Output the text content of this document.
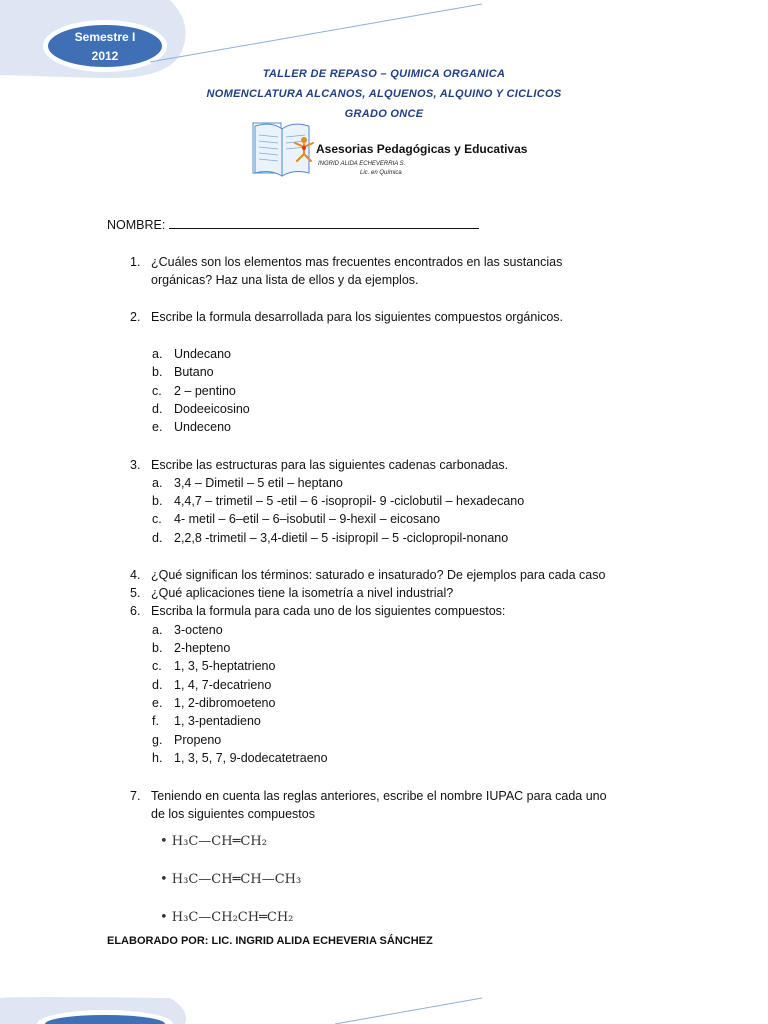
Semestre I
2012
TALLER DE REPASO – QUIMICA ORGANICA
NOMENCLATURA ALCANOS, ALQUENOS, ALQUINO Y CICLICOS
GRADO ONCE
Asesorias Pedagógicas y Educativas
INGRID ALIDA ECHEVERRIA S.
Lic. en Química
NOMBRE:
1. ¿Cuáles son los elementos mas frecuentes encontrados en las sustancias
orgánicas? Haz una lista de ellos y da ejemplos.
2. Escribe la formula desarrollada para los siguientes compuestos orgánicos.
a. Undecano
b. Butano
c. 2 – pentino
d. Dodeeicosino
e. Undeceno
3. Escribe las estructuras para las siguientes cadenas carbonadas.
a. 3,4 – Dimetil – 5 etil – heptano
b. 4,4,7 – trimetil – 5 -etil – 6 -isopropil- 9 -ciclobutil – hexadecano
c. 4- metil – 6–etil – 6–isobutil – 9-hexil – eicosano
d. 2,2,8 -trimetil – 3,4-dietil – 5 -isipropil – 5 -ciclopropil-nonano
4. ¿Qué significan los términos: saturado e insaturado? De ejemplos para cada caso
5. ¿Qué aplicaciones tiene la isometría a nivel industrial?
6. Escriba la formula para cada uno de los siguientes compuestos:
a. 3-octeno
b. 2-hepteno
c. 1, 3, 5-heptatrieno
d. 1, 4, 7-decatrieno
e. 1, 2-dibromoeteno
f. 1, 3-pentadieno
g. Propeno
h. 1, 3, 5, 7, 9-dodecatetraeno
7. Teniendo en cuenta las reglas anteriores, escribe el nombre IUPAC para cada uno
de los siguientes compuestos
• H₃C—CH═CH₂
• H₃C—CH═CH—CH₃
• H₃C—CH₂CH═CH₂
ELABORADO POR: LIC. INGRID ALIDA ECHEVERIA SÁNCHEZ
